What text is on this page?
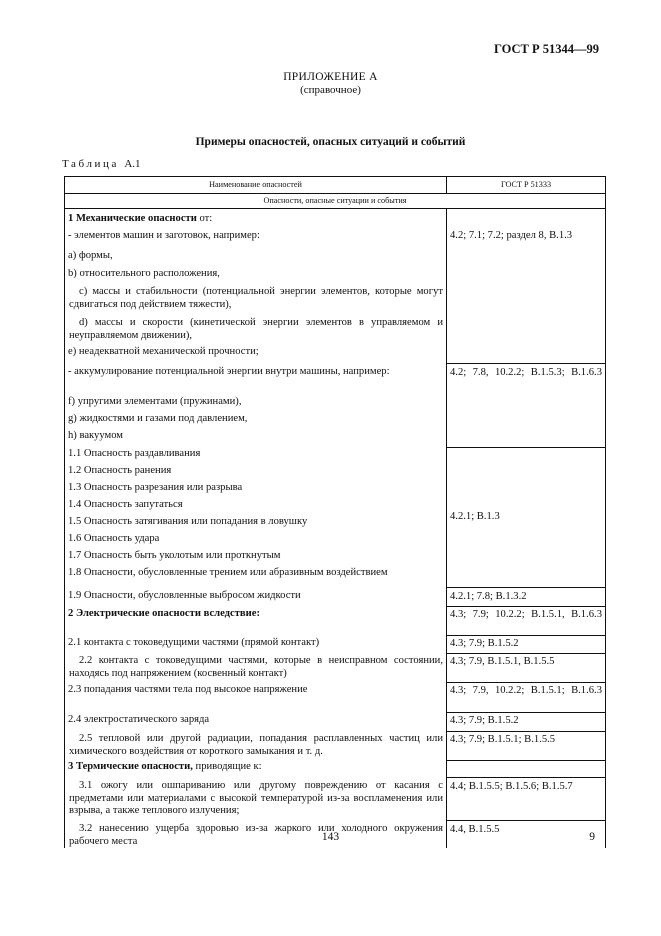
ГОСТ Р 51344—99
ПРИЛОЖЕНИЕ А
(справочное)
Примеры опасностей, опасных ситуаций и событий
Таблица А.1
Наименование опасностей	ГОСТ Р 51333
Опасности, опасные ситуации и события	
1 Механические опасности от:	
- элементов машин и заготовок, например:	4.2; 7.1; 7.2; раздел 8, В.1.3
a) формы,	
b) относительного расположения,	
c) массы и стабильности (потенциальной энергии элементов, которые могут сдвигаться под действием тяжести),	
d) массы и скорости (кинетической энергии элементов в управляемом и неуправляемом движении),	
e) неадекватной механической прочности;	
- аккумулирование потенциальной энергии внутри машины, например:	4.2; 7.8, 10.2.2; В.1.5.3; В.1.6.3
f) упругими элементами (пружинами),	
g) жидкостями и газами под давлением,	
h) вакуумом	
1.1 Опасность раздавливания	4.2.1; В.1.3
1.2 Опасность ранения	
1.3 Опасность разрезания или разрыва	
1.4 Опасность запутаться	
1.5 Опасность затягивания или попадания в ловушку	
1.6 Опасность удара	
1.7 Опасность быть уколотым или проткнутым	
1.8 Опасности, обусловленные трением или абразивным воздействием	
1.9 Опасности, обусловленные выбросом жидкости	4.2.1; 7.8; В.1.3.2
2 Электрические опасности вследствие:	4.3; 7.9; 10.2.2; В.1.5.1, В.1.6.3
2.1 контакта с токоведущими частями (прямой контакт)	4.3; 7.9; В.1.5.2
2.2 контакта с токоведущими частями, которые в неисправном состоянии, находясь под напряжением (косвенный контакт)	4.3; 7.9, В.1.5.1, В.1.5.5
2.3 попадания частями тела под высокое напряжение	4.3; 7.9, 10.2.2; В.1.5.1; В.1.6.3
2.4 электростатического заряда	4.3; 7.9; В.1.5.2
2.5 тепловой или другой радиации, попадания расплавленных частиц или химического воздействия от короткого замыкания и т. д.	4.3; 7.9; В.1.5.1; В.1.5.5
3 Термические опасности, приводящие к:	
3.1 ожогу или ошпариванию или другому повреждению от касания с предметами или материалами с высокой температурой из-за воспламенения или взрыва, а также теплового излучения;	4.4; В.1.5.5; В.1.5.6; В.1.5.7
3.2 нанесению ущерба здоровью из-за жаркого или холодного окружения рабочего места	4.4, В.1.5.5
143	9
